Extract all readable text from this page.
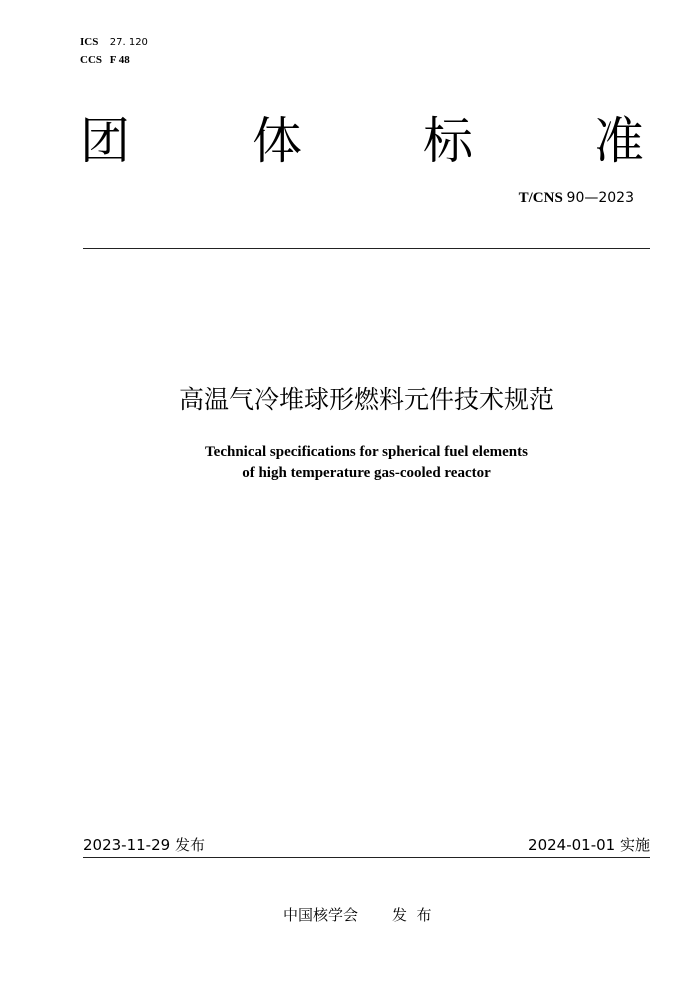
ICS 27. 120
CCS F 48
团 体 标 准
T/CNS 90—2023
高温气冷堆球形燃料元件技术规范
Technical specifications for spherical fuel elements
of high temperature gas-cooled reactor
2023-11-29 发布	2024-01-01 实施
中国核学会 发  布
